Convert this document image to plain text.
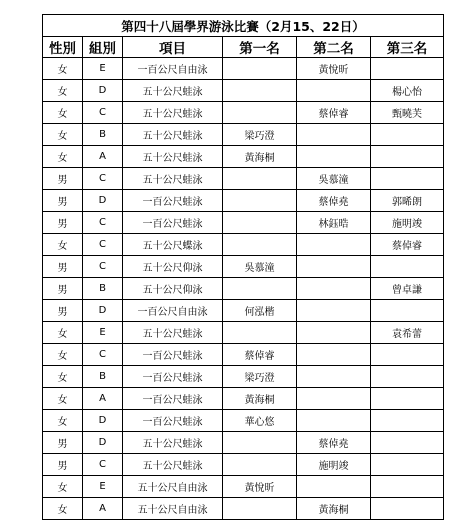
第四十八屆學界游泳比賽（2月15、22日）					
性別	組別	項目	第一名	第二名	第三名
女	E	一百公尺自由泳		黃悅昕	
女	D	五十公尺蛙泳			楊心怡
女	C	五十公尺蛙泳		蔡倬睿	甄曉芙
女	B	五十公尺蛙泳	梁巧澄		
女	A	五十公尺蛙泳	黃海桐		
男	C	五十公尺蛙泳		吳慕潼	
男	D	一百公尺蛙泳		蔡倬堯	郭晞朗
男	C	一百公尺蛙泳		林鈺晧	施明竣
女	C	五十公尺蝶泳			蔡倬睿
男	C	五十公尺仰泳	吳慕潼		
男	B	五十公尺仰泳			曾卓謙
男	D	一百公尺自由泳	何泓楷		
女	E	五十公尺蛙泳			袁希蕾
女	C	一百公尺蛙泳	蔡倬睿		
女	B	一百公尺蛙泳	梁巧澄		
女	A	一百公尺蛙泳	黃海桐		
女	D	一百公尺蛙泳	華心悠		
男	D	五十公尺蛙泳		蔡倬堯	
男	C	五十公尺蛙泳		施明竣	
女	E	五十公尺自由泳	黃悅昕		
女	A	五十公尺自由泳		黃海桐	
